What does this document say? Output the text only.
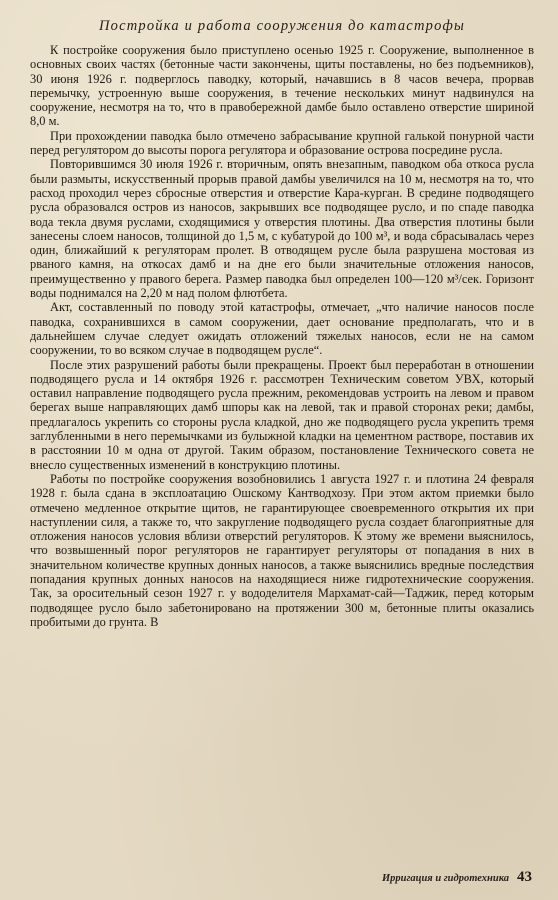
Постройка и работа сооружения до катастрофы

К постройке сооружения было приступлено осенью 1925 г. Сооружение, выполненное в основных своих частях (бетонные части закончены, щиты поставлены, но без подъемников), 30 июня 1926 г. подверглось паводку, который, начавшись в 8 часов вечера, прорвав перемычку, устроенную выше сооружения, в течение нескольких минут надвинулся на сооружение, несмотря на то, что в правобережной дамбе было оставлено отверстие шириной 8,0 м.

При прохождении паводка было отмечено забрасывание крупной галькой понурной части перед регулятором до высоты порога регулятора и образование острова посредине русла.

Повторившимся 30 июля 1926 г. вторичным, опять внезапным, паводком оба откоса русла были размыты, искусственный прорыв правой дамбы увеличился на 10 м, несмотря на то, что расход проходил через сбросные отверстия и отверстие Кара-курган. В средине подводящего русла образовался остров из наносов, закрывших все подводящее русло, и по спаде паводка вода текла двумя руслами, сходящимися у отверстия плотины. Два отверстия плотины были занесены слоем наносов, толщиной до 1,5 м, с кубатурой до 100 м³, и вода сбрасывалась через один, ближайший к регуляторам пролет. В отводящем русле была разрушена мостовая из рваного камня, на откосах дамб и на дне его были значительные отложения наносов, преимущественно у правого берега. Размер паводка был определен 100—120 м³/сек. Горизонт воды поднимался на 2,20 м над полом флютбета.

Акт, составленный по поводу этой катастрофы, отмечает, „что наличие наносов после паводка, сохранившихся в самом сооружении, дает основание предполагать, что и в дальнейшем случае следует ожидать отложений тяжелых наносов, если не на самом сооружении, то во всяком случае в подводящем русле“.

После этих разрушений работы были прекращены. Проект был переработан в отношении подводящего русла и 14 октября 1926 г. рассмотрен Техническим советом УВХ, который оставил направление подводящего русла прежним, рекомендовав устроить на левом и правом берегах выше направляющих дамб шпоры как на левой, так и правой сторонах реки; дамбы, предлагалось укрепить со стороны русла кладкой, дно же подводящего русла укрепить тремя заглубленными в него перемычками из булыжной кладки на цементном растворе, поставив их в расстоянии 10 м одна от другой. Таким образом, постановление Технического совета не внесло существенных изменений в конструкцию плотины.

Работы по постройке сооружения возобновились 1 августа 1927 г. и плотина 24 февраля 1928 г. была сдана в эксплоатацию Ошскому Кантводхозу. При этом актом приемки было отмечено медленное открытие щитов, не гарантирующее своевременного открытия их при наступлении силя, а также то, что закругление подводящего русла создает благоприятные для отложения наносов условия вблизи отверстий регуляторов. К этому же времени выяснилось, что возвышенный порог регуляторов не гарантирует регуляторы от попадания в них в значительном количестве крупных донных наносов, а также выяснились вредные последствия попадания крупных донных наносов на находящиеся ниже гидротехнические сооружения. Так, за оросительный сезон 1927 г. у вододелителя Мархамат-сай—Таджик, перед которым подводящее русло было забетонировано на протяжении 300 м, бетонные плиты оказались пробитыми до грунта. В

Ирригация и гидротехника 43
